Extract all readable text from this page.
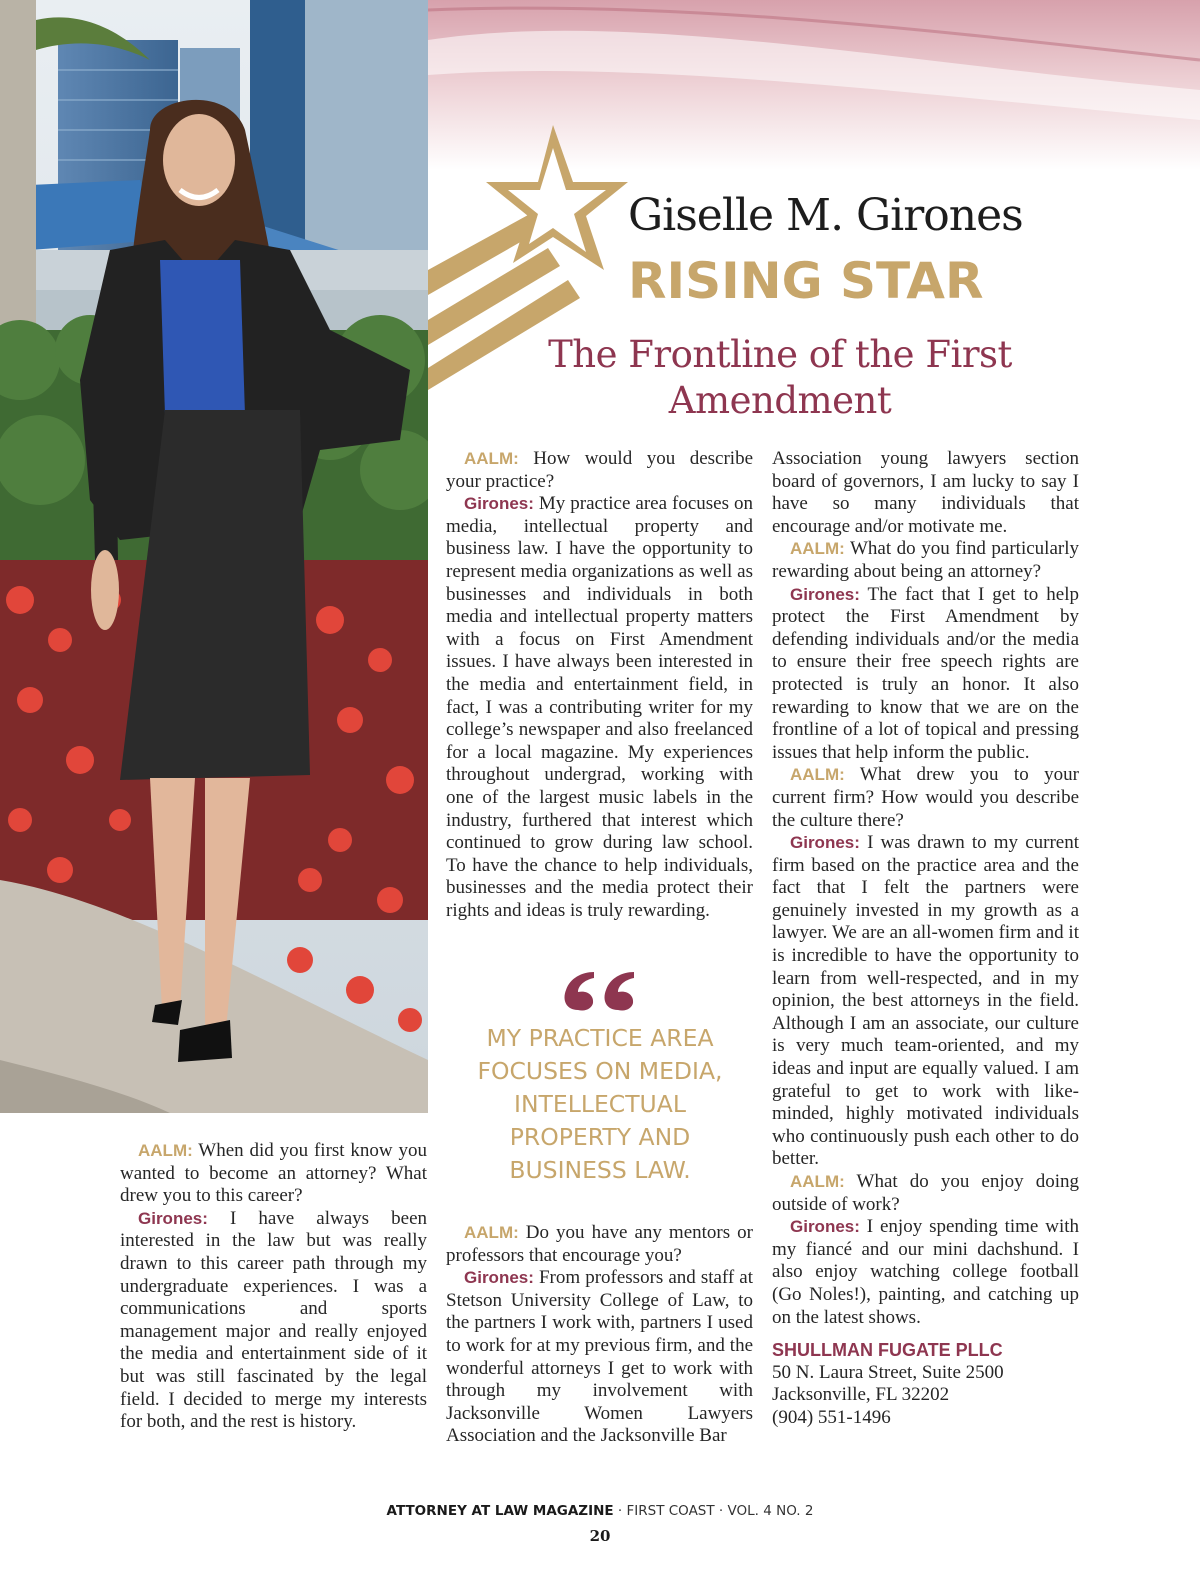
Giselle M. Girones
RISING STAR
The Frontline of the First Amendment

AALM: When did you first know you wanted to become an attorney? What drew you to this career?

Girones: I have always been interested in the law but was really drawn to this career path through my undergraduate experiences. I was a communications and sports management major and really enjoyed the media and entertainment side of it but was still fascinated by the legal field. I decided to merge my interests for both, and the rest is history.

AALM: How would you describe your practice?

Girones: My practice area focuses on media, intellectual property and business law. I have the opportunity to represent media organizations as well as businesses and individuals in both media and intellectual property matters with a focus on First Amendment issues. I have always been interested in the media and entertainment field, in fact, I was a contributing writer for my college’s newspaper and also freelanced for a local magazine. My experiences throughout undergrad, working with one of the largest music labels in the industry, furthered that interest which continued to grow during law school. To have the chance to help individuals, businesses and the media protect their rights and ideas is truly rewarding.

MY PRACTICE AREA FOCUSES ON MEDIA, INTELLECTUAL PROPERTY AND BUSINESS LAW.

AALM: Do you have any mentors or professors that encourage you?

Girones: From professors and staff at Stetson University College of Law, to the partners I work with, partners I used to work for at my previous firm, and the wonderful attorneys I get to work with through my involvement with Jacksonville Women Lawyers Association and the Jacksonville Bar

Association young lawyers section board of governors, I am lucky to say I have so many individuals that encourage and/or motivate me.

AALM: What do you find particularly rewarding about being an attorney?

Girones: The fact that I get to help protect the First Amendment by defending individuals and/or the media to ensure their free speech rights are protected is truly an honor. It also rewarding to know that we are on the frontline of a lot of topical and pressing issues that help inform the public.

AALM: What drew you to your current firm? How would you describe the culture there?

Girones: I was drawn to my current firm based on the practice area and the fact that I felt the partners were genuinely invested in my growth as a lawyer. We are an all-women firm and it is incredible to have the opportunity to learn from well-respected, and in my opinion, the best attorneys in the field. Although I am an associate, our culture is very much team-oriented, and my ideas and input are equally valued. I am grateful to get to work with like-minded, highly motivated individuals who continuously push each other to do better.

AALM: What do you enjoy doing outside of work?

Girones: I enjoy spending time with my fiancé and our mini dachshund. I also enjoy watching college football (Go Noles!), painting, and catching up on the latest shows.

SHULLMAN FUGATE PLLC

50 N. Laura Street, Suite 2500

Jacksonville, FL 32202

(904) 551-1496

ATTORNEY AT LAW MAGAZINE · FIRST COAST · VOL. 4 NO. 2
20
